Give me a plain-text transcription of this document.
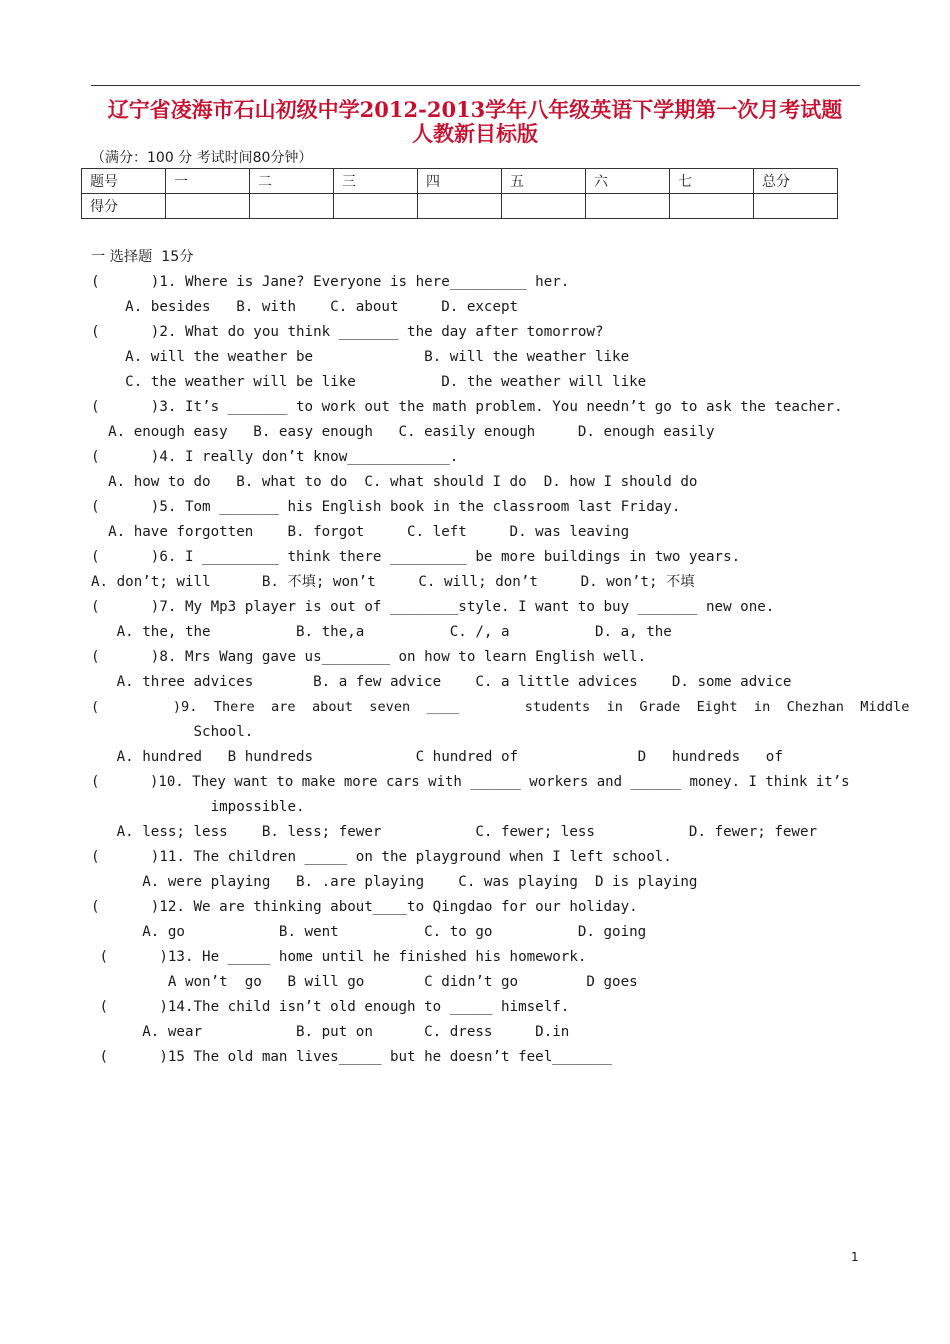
辽宁省凌海市石山初级中学2012-2013学年八年级英语下学期第一次月考试题
人教新目标版
（满分：100 分 考试时间80分钟）
题号	一	二	三	四	五	六	七	总分
得分								
一 选择题  15分
(      )1. Where is Jane? Everyone is here_________ her.
A. besides   B. with    C. about     D. except
(      )2. What do you think _______ the day after tomorrow?
A. will the weather be             B. will the weather like
C. the weather will be like          D. the weather will like
(      )3. It’s _______ to work out the math problem. You needn’t go to ask the teacher.
A. enough easy   B. easy enough   C. easily enough     D. enough easily
(      )4. I really don’t know____________.
A. how to do   B. what to do  C. what should I do  D. how I should do
(      )5. Tom _______ his English book in the classroom last Friday.
A. have forgotten    B. forgot     C. left     D. was leaving
(      )6. I _________ think there _________ be more buildings in two years.
A. don’t; will      B. 不填; won’t     C. will; don’t     D. won’t; 不填
(      )7. My Mp3 player is out of ________style. I want to buy _______ new one.
A. the, the          B. the,a          C. /, a          D. a, the
(      )8. Mrs Wang gave us________ on how to learn English well.
A. three advices       B. a few advice    C. a little advices    D. some advice
(         )9.  There  are  about  seven  ____        students  in  Grade  Eight  in  Chezhan  Middle
School.
A. hundred   B hundreds            C hundred of              D   hundreds   of
(      )10. They want to make more cars with ______ workers and ______ money. I think it’s
impossible.
A. less; less    B. less; fewer           C. fewer; less           D. fewer; fewer
(      )11. The children _____ on the playground when I left school.
A. were playing   B. .are playing    C. was playing  D is playing
(      )12. We are thinking about____to Qingdao for our holiday.
A. go           B. went          C. to go          D. going
(      )13. He _____ home until he finished his homework.
A won’t  go   B will go       C didn’t go        D goes
(      )14.The child isn’t old enough to _____ himself.
A. wear           B. put on      C. dress     D.in
(      )15 The old man lives_____ but he doesn’t feel_______
1
